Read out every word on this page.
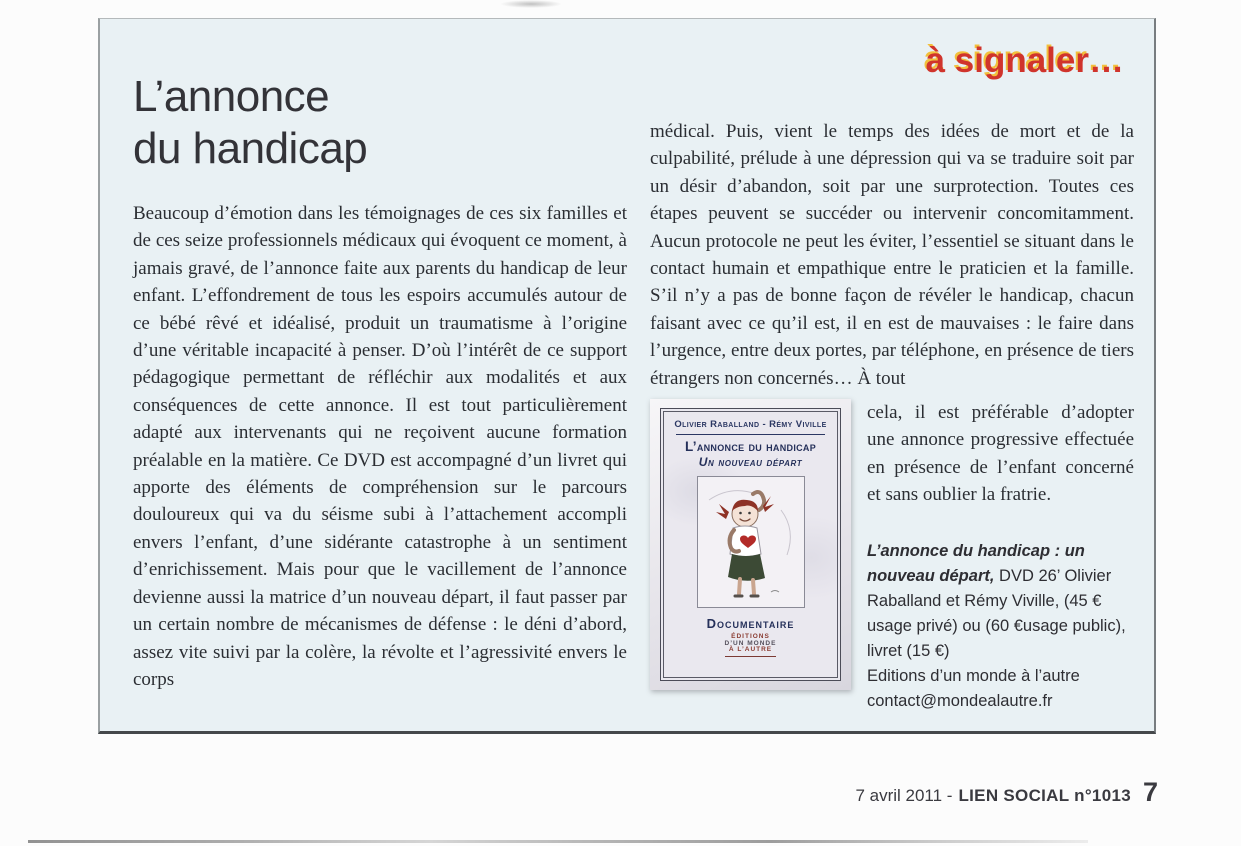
à signaler…
L’annonce
du handicap
Beaucoup d’émotion dans les témoignages de ces six familles et de ces seize professionnels médicaux qui évoquent ce moment, à jamais gravé, de l’annonce faite aux parents du handicap de leur enfant. L’effondrement de tous les espoirs accumulés autour de ce bébé rêvé et idéalisé, produit un traumatisme à l’origine d’une véritable incapacité à penser. D’où l’intérêt de ce support pédagogique permettant de réfléchir aux modalités et aux conséquences de cette annonce. Il est tout particulièrement adapté aux intervenants qui ne reçoivent aucune formation préalable en la matière. Ce DVD est accompagné d’un livret qui apporte des éléments de compréhension sur le parcours douloureux qui va du séisme subi à l’attachement accompli envers l’enfant, d’une sidérante catastrophe à un sentiment d’enrichissement. Mais pour que le vacillement de l’annonce devienne aussi la matrice d’un nouveau départ, il faut passer par un certain nombre de mécanismes de défense : le déni d’abord, assez vite suivi par la colère, la révolte et l’agressivité envers le corps

médical. Puis, vient le temps des idées de mort et de la culpabilité, prélude à une dépression qui va se traduire soit par un désir d’abandon, soit par une surprotection. Toutes ces étapes peuvent se succéder ou intervenir concomitamment. Aucun protocole ne peut les éviter, l’essentiel se situant dans le contact humain et empathique entre le praticien et la famille. S’il n’y a pas de bonne façon de révéler le handicap, chacun faisant avec ce qu’il est, il en est de mauvaises : le faire dans l’urgence, entre deux portes, par téléphone, en présence de tiers étrangers non concernés… À tout

Olivier Raballand - Rémy Viville
L’annonce du handicap
Un nouveau départ
Documentaire
ÉDITIONS
D’UN MONDE
À L’AUTRE

cela, il est préférable d’adopter une annonce progressive effectuée en présence de l’enfant concerné et sans oublier la fratrie.

L’annonce du handicap : un nouveau départ, DVD 26’ Olivier Raballand et Rémy Viville, (45 € usage privé) ou (60 €usage public), livret (15 €)
Editions d’un monde à l’autre
contact@mondealautre.fr
7 avril 2011 - LIEN SOCIAL n°1013 7
